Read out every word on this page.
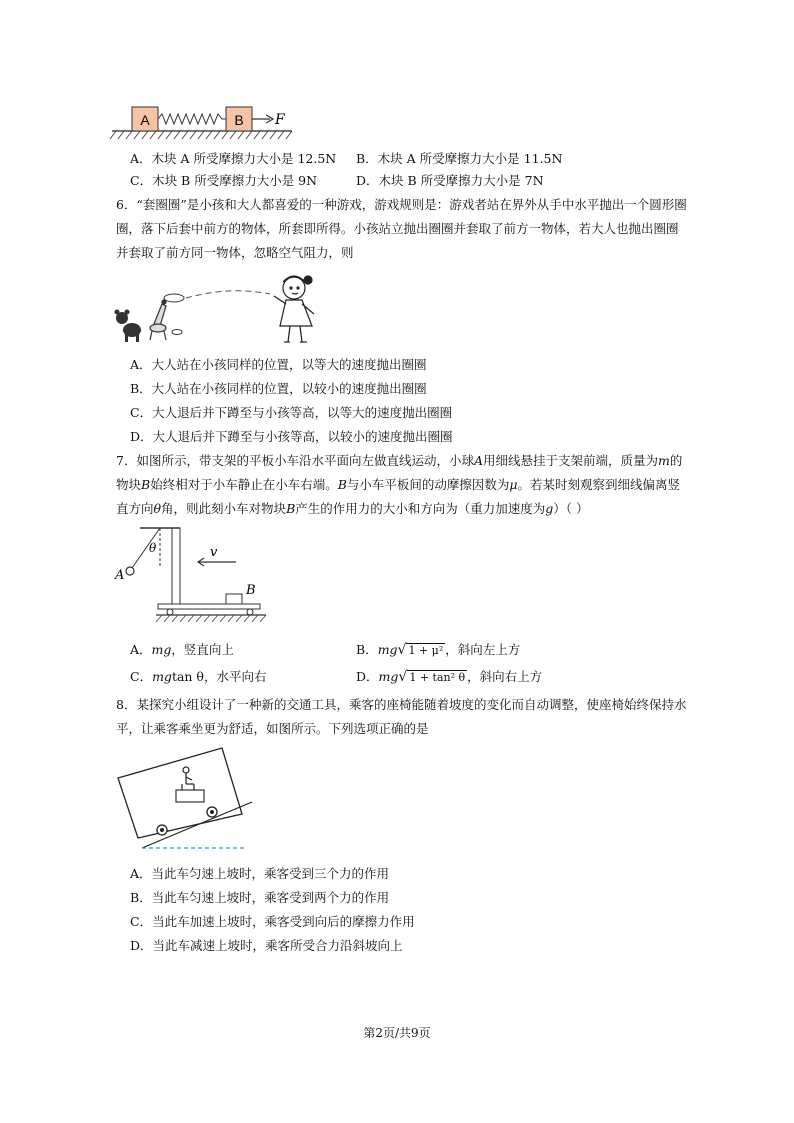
A	B F
A．木块 A 所受摩擦力大小是 12.5N B．木块 A 所受摩擦力大小是 11.5N
C．木块 B 所受摩擦力大小是 9N	D．木块 B 所受摩擦力大小是 7N
6．“套圈圈”是小孩和大人都喜爱的一种游戏，游戏规则是：游戏者站在界外从手中水平抛出一个圆形圈圈，落下后套中前方的物体，所套即所得。小孩站立抛出圈圈并套取了前方一物体，若大人也抛出圈圈并套取了前方同一物体，忽略空气阻力，则
A．大人站在小孩同样的位置，以等大的速度抛出圈圈
B．大人站在小孩同样的位置，以较小的速度抛出圈圈
C．大人退后并下蹲至与小孩等高，以等大的速度抛出圈圈
D．大人退后并下蹲至与小孩等高，以较小的速度抛出圈圈
7．如图所示，带支架的平板小车沿水平面向左做直线运动，小球A用细线悬挂于支架前端，质量为m的物块B始终相对于小车静止在小车右端。B与小车平板间的动摩擦因数为μ。若某时刻观察到细线偏离竖直方向θ角，则此刻小车对物块B产生的作用力的大小和方向为（重力加速度为g）（ ）
A
θ	v
B
A．mg，竖直向上	B．mg√ 1 + μ² ，斜向左上方
C．mgtan θ，水平向右	D．mg√ 1 + tan² θ ，斜向右上方
8．某探究小组设计了一种新的交通工具，乘客的座椅能随着坡度的变化而自动调整，使座椅始终保持水平，让乘客乘坐更为舒适，如图所示。下列选项正确的是
A．当此车匀速上坡时，乘客受到三个力的作用
B．当此车匀速上坡时，乘客受到两个力的作用
C．当此车加速上坡时，乘客受到向后的摩擦力作用
D．当此车减速上坡时，乘客所受合力沿斜坡向上
第2页/共9页
